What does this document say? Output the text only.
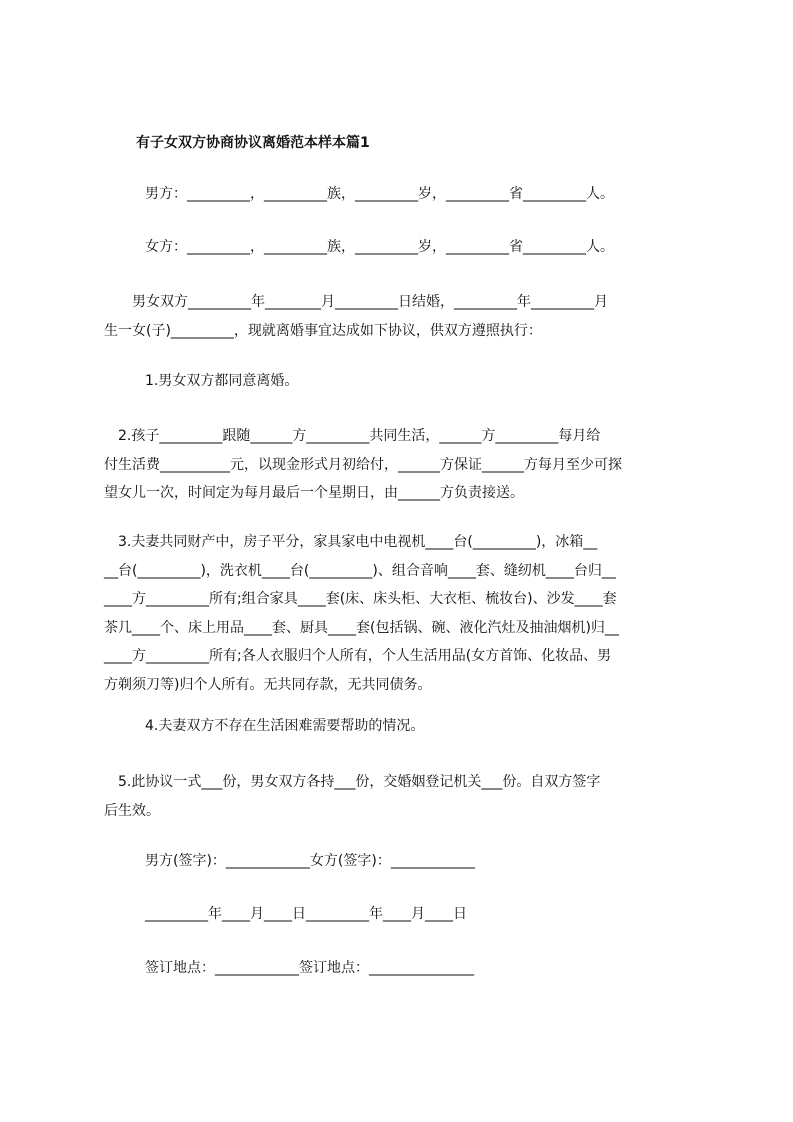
有子女双方协商协议离婚范本样本篇1

男方：_________，_________族，_________岁，_________省_________人。

女方：_________，_________族，_________岁，_________省_________人。

　　男女双方_________年________月_________日结婚，_________年_________月
生一女(子)_________，现就离婚事宜达成如下协议，供双方遵照执行：

1.男女双方都同意离婚。

　2.孩子_________跟随______方_________共同生活，______方_________每月给
付生活费__________元，以现金形式月初给付，______方保证______方每月至少可探
望女儿一次，时间定为每月最后一个星期日，由______方负责接送。
　3.夫妻共同财产中，房子平分，家具家电中电视机____台(_________)，冰箱__
__台(_________)，洗衣机____台(_________)、组合音响____套、缝纫机____台归__
____方_________所有;组合家具____套(床、床头柜、大衣柜、梳妆台)、沙发____套
茶几____个、床上用品____套、厨具____套(包括锅、碗、液化汽灶及抽油烟机)归__
____方_________所有;各人衣服归个人所有，个人生活用品(女方首饰、化妆品、男
方剃须刀等)归个人所有。无共同存款，无共同债务。

4.夫妻双方不存在生活困难需要帮助的情况。

　5.此协议一式___份，男女双方各持___份，交婚姻登记机关___份。自双方签字
后生效。

男方(签字)：____________女方(签字)：____________

_________年____月____日_________年____月____日

签订地点：____________签订地点：_______________
